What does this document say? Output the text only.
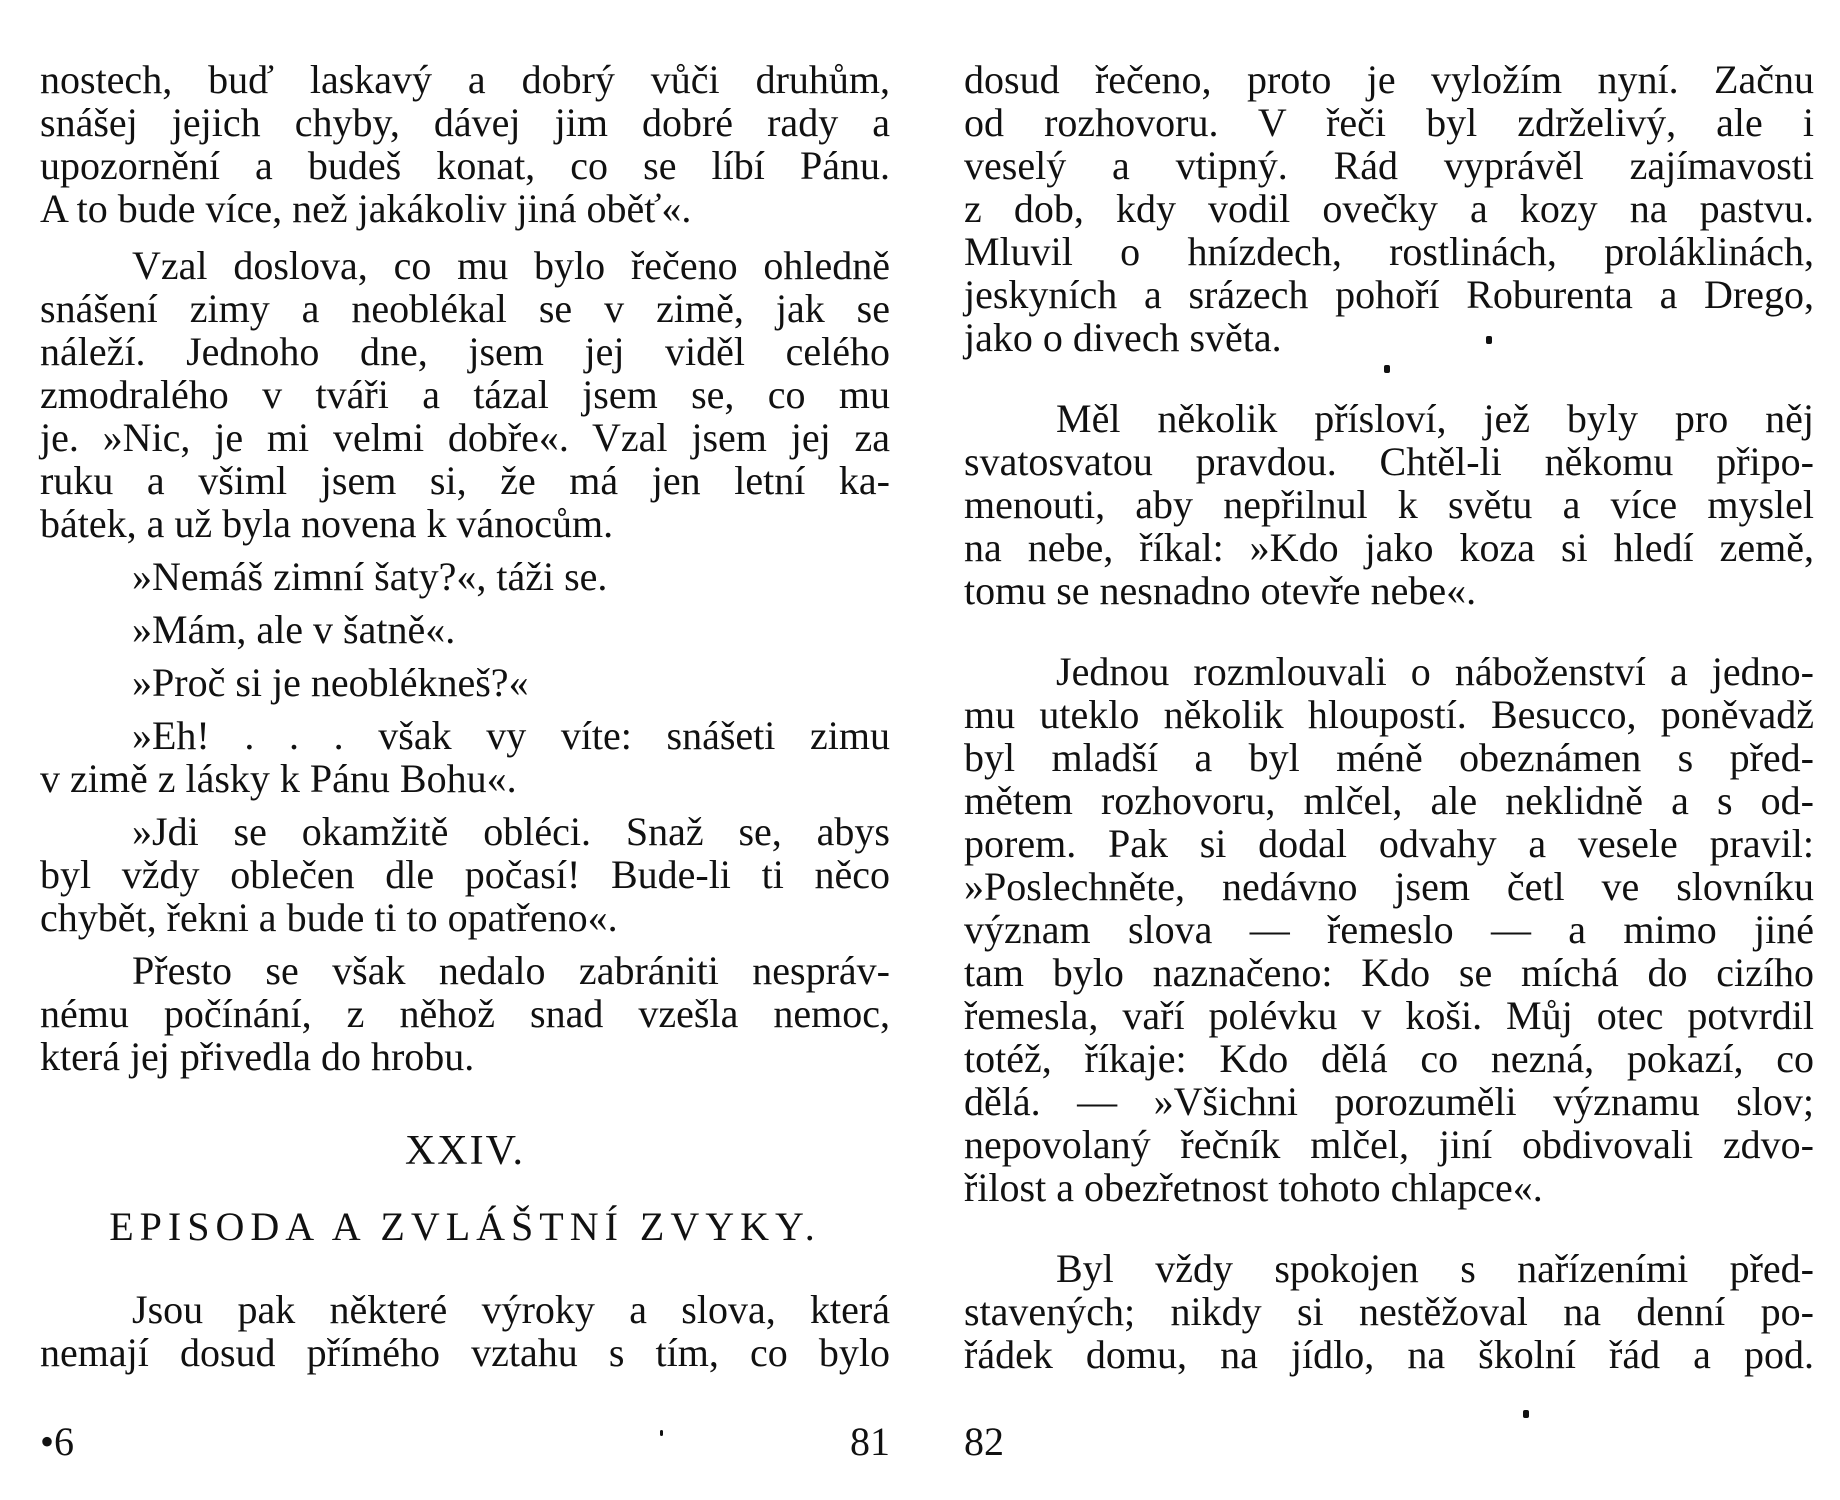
nostech, buď laskavý a dobrý vůči druhům,
snášej jejich chyby, dávej jim dobré rady a
upozornění a budeš konat, co se líbí Pánu.
A to bude více, než jakákoliv jiná oběť«.

Vzal doslova, co mu bylo řečeno ohledně
snášení zimy a neoblékal se v zimě, jak se
náleží. Jednoho dne, jsem jej viděl celého
zmodralého v tváři a tázal jsem se, co mu
je. »Nic, je mi velmi dobře«. Vzal jsem jej za
ruku a všiml jsem si, že má jen letní ka-
bátek, a už byla novena k vánocům.

»Nemáš zimní šaty?«, táži se.

»Mám, ale v šatně«.

»Proč si je neoblékneš?«

»Eh! . . . však vy víte: snášeti zimu
v zimě z lásky k Pánu Bohu«.

»Jdi se okamžitě obléci. Snaž se, abys
byl vždy oblečen dle počasí! Bude-li ti něco
chybět, řekni a bude ti to opatřeno«.

Přesto se však nedalo zabrániti nespráv-
nému počínání, z něhož snad vzešla nemoc,
která jej přivedla do hrobu.

XXIV.
EPISODA A ZVLÁŠTNÍ ZVYKY.

Jsou pak některé výroky a slova, která
nemají dosud přímého vztahu s tím, co bylo

•6	81

dosud řečeno, proto je vyložím nyní. Začnu
od rozhovoru. V řeči byl zdrželivý, ale i
veselý a vtipný. Rád vyprávěl zajímavosti
z dob, kdy vodil ovečky a kozy na pastvu.
Mluvil o hnízdech, rostlinách, proláklinách,
jeskyních a srázech pohoří Roburenta a Drego,
jako o divech světa.

Měl několik přísloví, jež byly pro něj
svatosvatou pravdou. Chtěl-li někomu připo-
menouti, aby nepřilnul k světu a více myslel
na nebe, říkal: »Kdo jako koza si hledí země,
tomu se nesnadno otevře nebe«.

Jednou rozmlouvali o náboženství a jedno-
mu uteklo několik hloupostí. Besucco, poněvadž
byl mladší a byl méně obeznámen s před-
mětem rozhovoru, mlčel, ale neklidně a s od-
porem. Pak si dodal odvahy a vesele pravil:
»Poslechněte, nedávno jsem četl ve slovníku
význam slova — řemeslo — a mimo jiné
tam bylo naznačeno: Kdo se míchá do cizího
řemesla, vaří polévku v koši. Můj otec potvrdil
totéž, říkaje: Kdo dělá co nezná, pokazí, co
dělá. — »Všichni porozuměli významu slov;
nepovolaný řečník mlčel, jiní obdivovali zdvo-
řilost a obezřetnost tohoto chlapce«.

Byl vždy spokojen s nařízeními před-
stavených; nikdy si nestěžoval na denní po-
řádek domu, na jídlo, na školní řád a pod.

82
